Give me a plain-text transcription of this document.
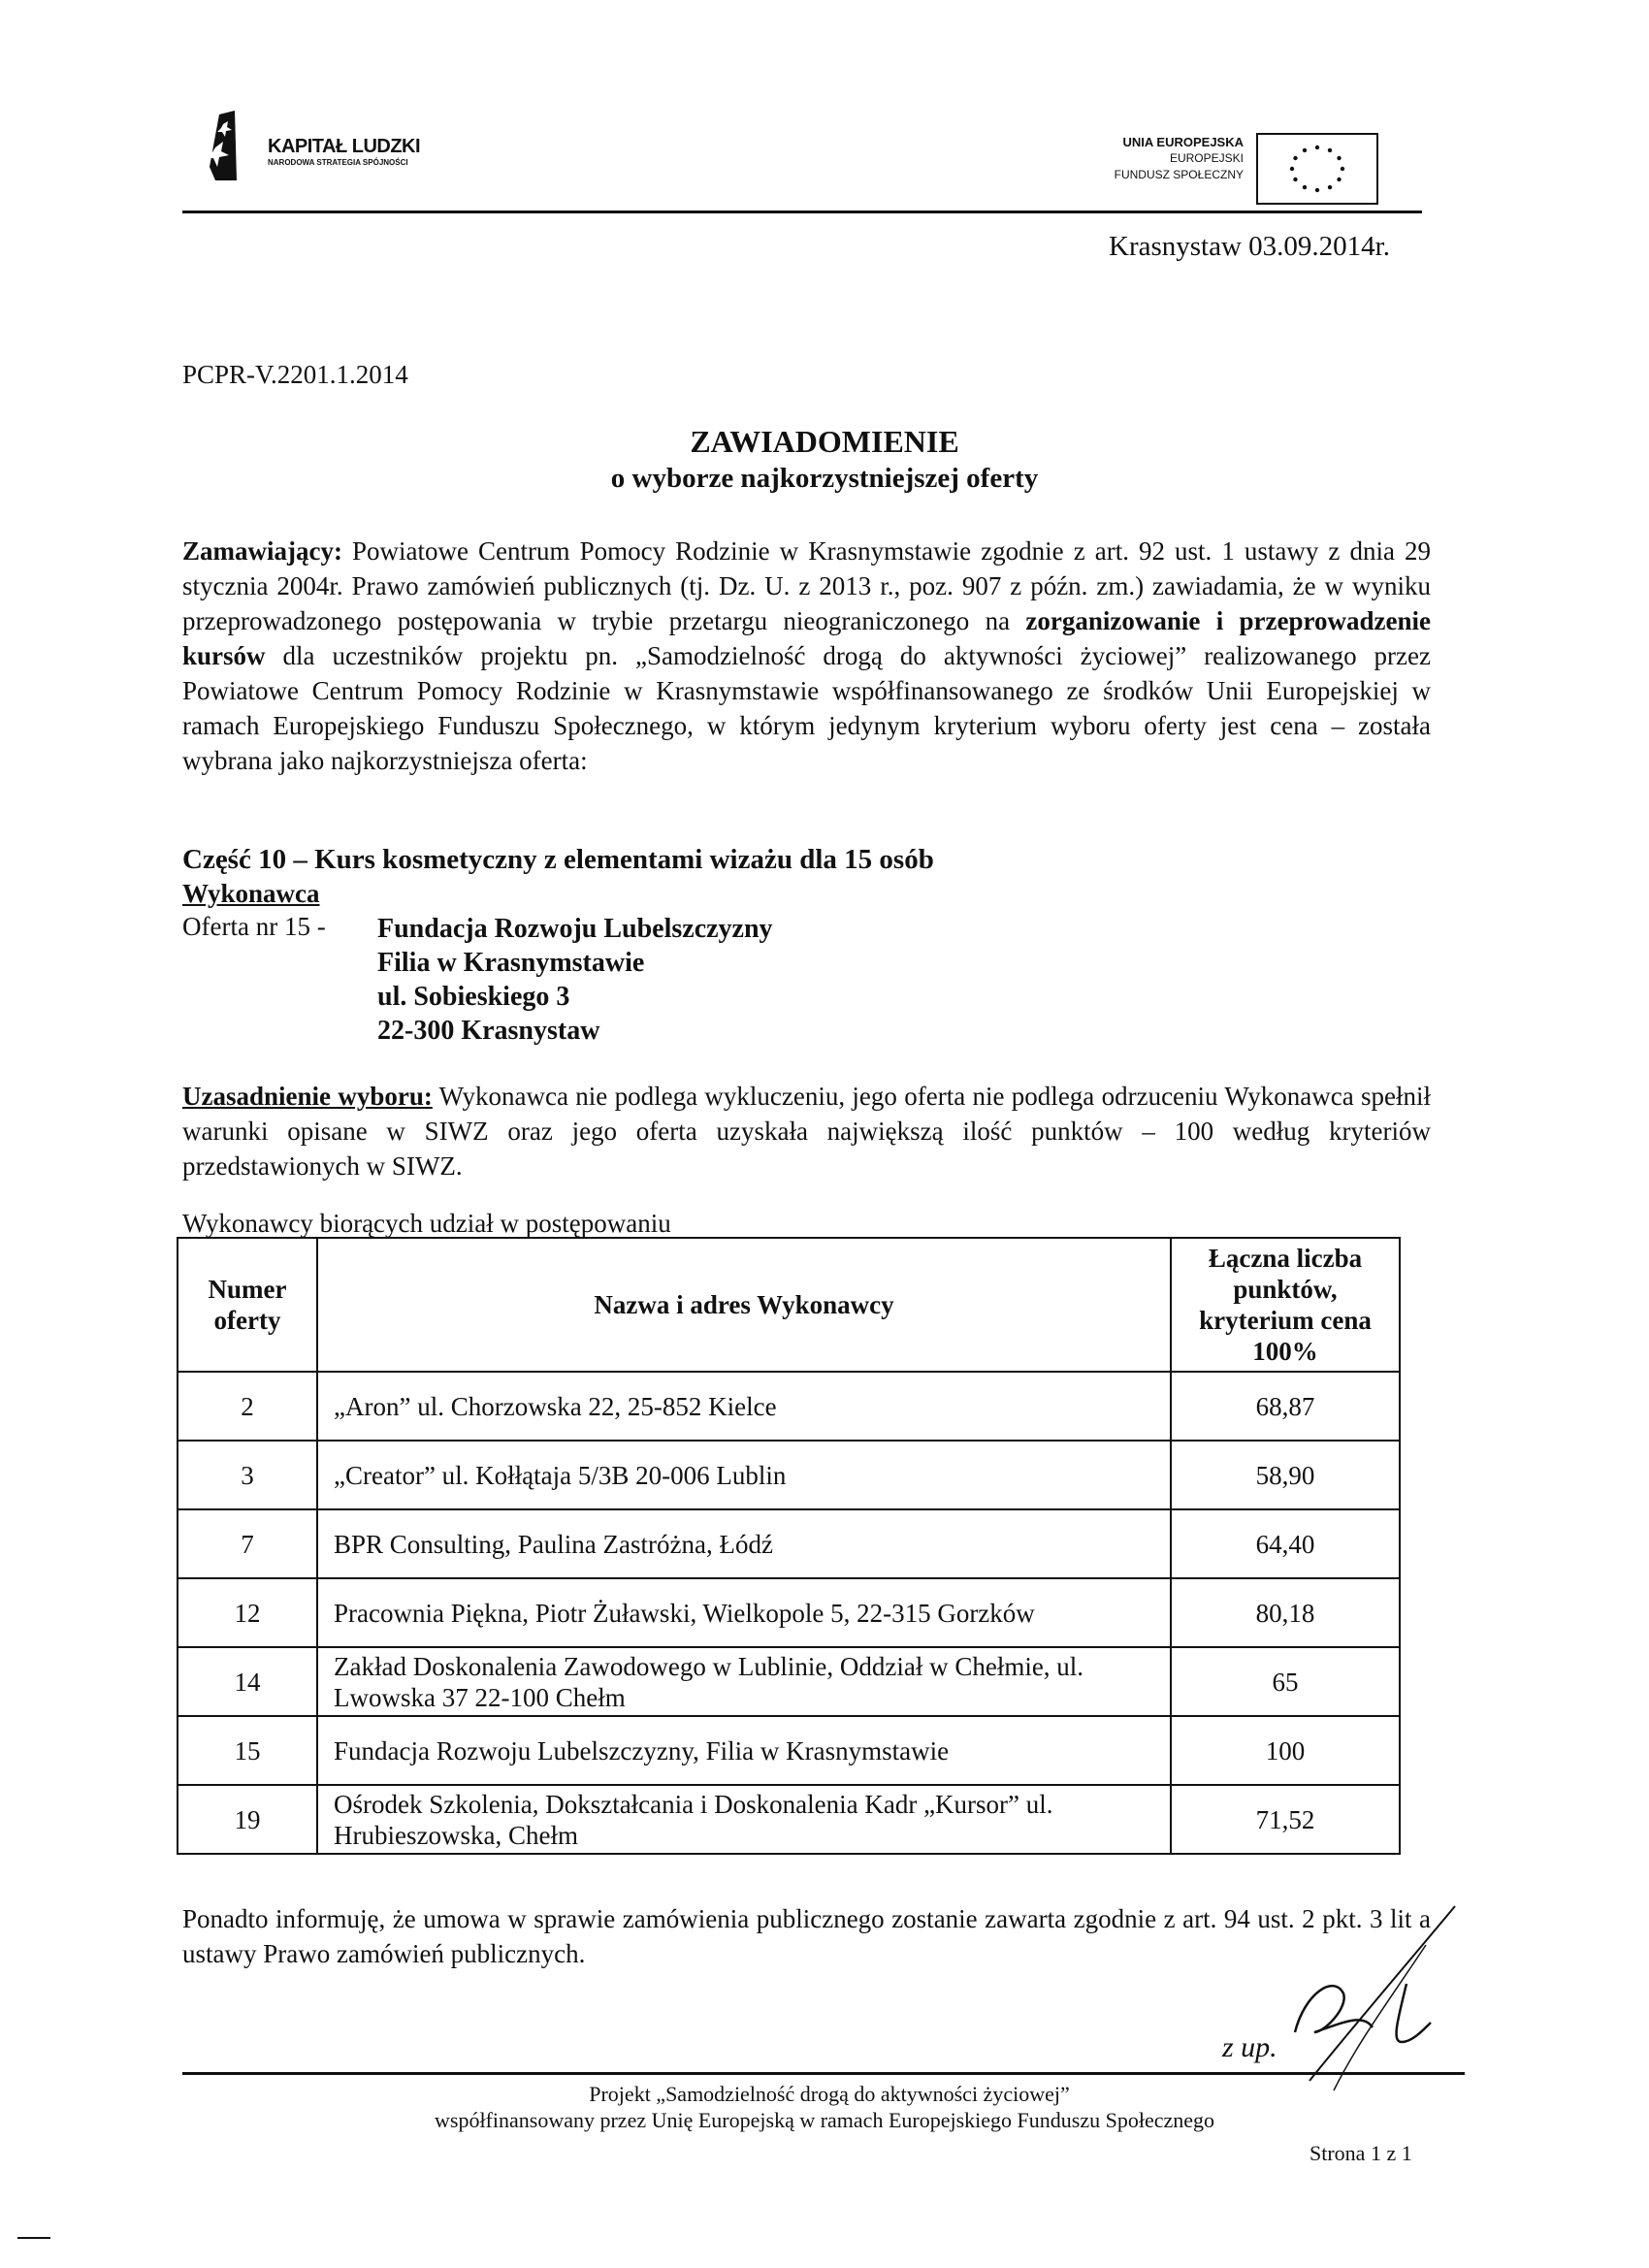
KAPITAŁ LUDZKI
NARODOWA STRATEGIA SPÓJNOŚCI
UNIA EUROPEJSKA
EUROPEJSKI
FUNDUSZ SPOŁECZNY
Krasnystaw 03.09.2014r.
PCPR-V.2201.1.2014
ZAWIADOMIENIE
o wyborze najkorzystniejszej oferty
Zamawiający: Powiatowe Centrum Pomocy Rodzinie w Krasnymstawie zgodnie z art. 92 ust. 1 ustawy z dnia 29 stycznia 2004r. Prawo zamówień publicznych (tj. Dz. U. z 2013 r., poz. 907 z późn. zm.) zawiadamia, że w wyniku przeprowadzonego postępowania w trybie przetargu nieograniczonego na zorganizowanie i przeprowadzenie kursów dla uczestników projektu pn. „Samodzielność drogą do aktywności życiowej” realizowanego przez Powiatowe Centrum Pomocy Rodzinie w Krasnymstawie współfinansowanego ze środków Unii Europejskiej w ramach Europejskiego Funduszu Społecznego, w którym jedynym kryterium wyboru oferty jest cena – została wybrana jako najkorzystniejsza oferta:
Część 10 – Kurs kosmetyczny z elementami wizażu dla 15 osób
Wykonawca
Oferta nr 15 - Fundacja Rozwoju Lubelszczyzny
Filia w Krasnymstawie
ul. Sobieskiego 3
22-300 Krasnystaw
Uzasadnienie wyboru: Wykonawca nie podlega wykluczeniu, jego oferta nie podlega odrzuceniu Wykonawca spełnił warunki opisane w SIWZ oraz jego oferta uzyskała największą ilość punktów – 100 według kryteriów przedstawionych w SIWZ.
Wykonawcy biorących udział w postępowaniu
Numer oferty	Nazwa i adres Wykonawcy	Łączna liczba punktów, kryterium cena 100%
2	„Aron” ul. Chorzowska 22, 25-852 Kielce	68,87
3	„Creator” ul. Kołłątaja 5/3B 20-006 Lublin	58,90
7	BPR Consulting, Paulina Zastróżna, Łódź	64,40
12	Pracownia Piękna, Piotr Żuławski, Wielkopole 5, 22-315 Gorzków	80,18
14	Zakład Doskonalenia Zawodowego w Lublinie, Oddział w Chełmie, ul. Lwowska 37 22-100 Chełm	65
15	Fundacja Rozwoju Lubelszczyzny, Filia w Krasnymstawie	100
19	Ośrodek Szkolenia, Dokształcania i Doskonalenia Kadr „Kursor” ul. Hrubieszowska, Chełm	71,52
Ponadto informuję, że umowa w sprawie zamówienia publicznego zostanie zawarta zgodnie z art. 94 ust. 2 pkt. 3 lit a ustawy Prawo zamówień publicznych.
z up.
Projekt „Samodzielność drogą do aktywności życiowej”
współfinansowany przez Unię Europejską w ramach Europejskiego Funduszu Społecznego
Strona 1 z 1
